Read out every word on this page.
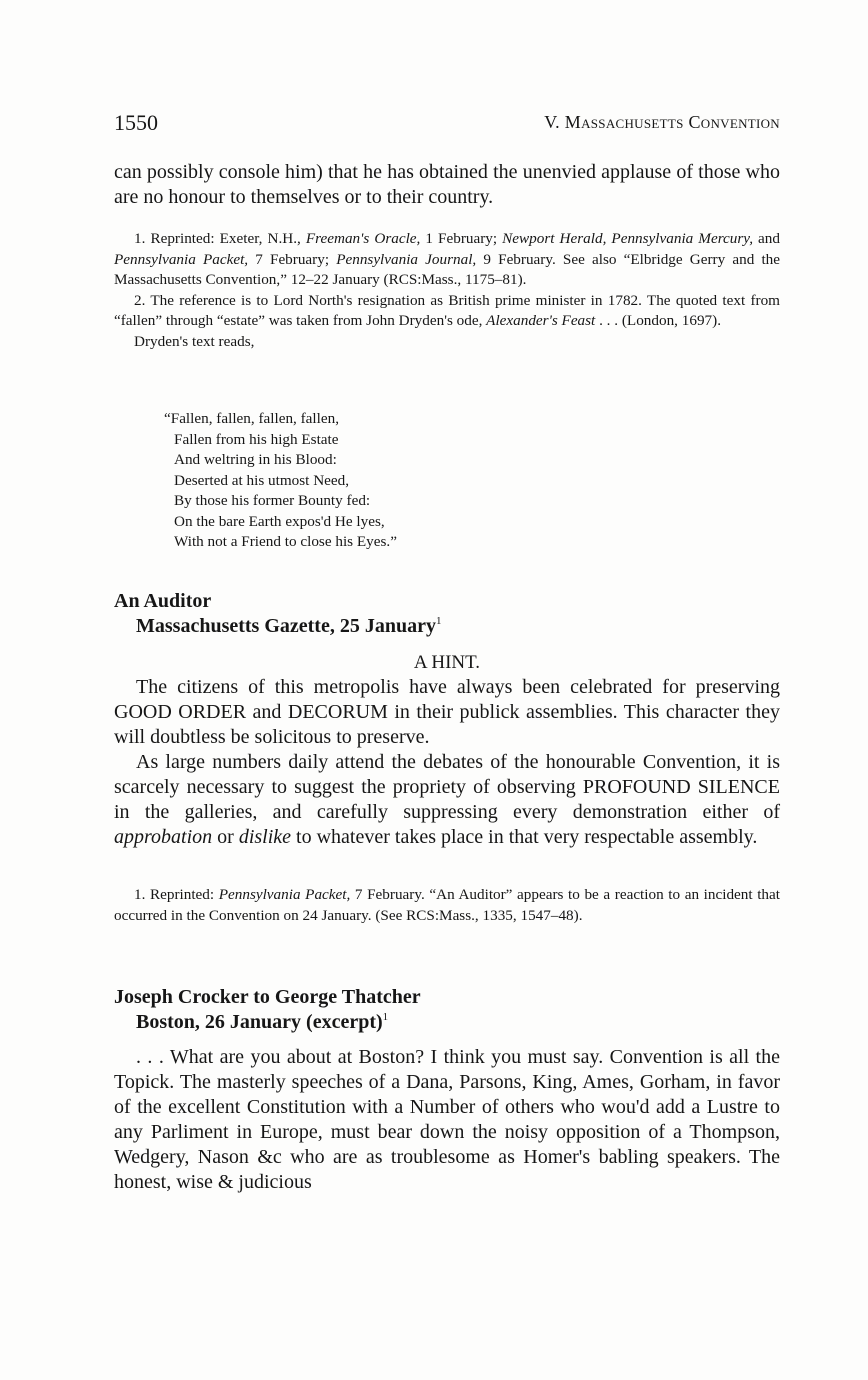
1550	V. Massachusetts Convention

can possibly console him) that he has obtained the unenvied applause of those who are no honour to themselves or to their country.

1. Reprinted: Exeter, N.H., Freeman's Oracle, 1 February; Newport Herald, Pennsylvania Mercury, and Pennsylvania Packet, 7 February; Pennsylvania Journal, 9 February. See also “Elbridge Gerry and the Massachusetts Convention,” 12–22 January (RCS:Mass., 1175–81).

2. The reference is to Lord North's resignation as British prime minister in 1782. The quoted text from “fallen” through “estate” was taken from John Dryden's ode, Alexander's Feast . . . (London, 1697).

Dryden's text reads,

“Fallen, fallen, fallen, fallen,
Fallen from his high Estate
And weltring in his Blood:
Deserted at his utmost Need,
By those his former Bounty fed:
On the bare Earth expos'd He lyes,
With not a Friend to close his Eyes.”
An Auditor
Massachusetts Gazette, 25 January$^1$
A HINT.

The citizens of this metropolis have always been celebrated for preserving GOOD ORDER and DECORUM in their publick assemblies. This character they will doubtless be solicitous to preserve.

As large numbers daily attend the debates of the honourable Convention, it is scarcely necessary to suggest the propriety of observing PROFOUND SILENCE in the galleries, and carefully suppressing every demonstration either of approbation or dislike to whatever takes place in that very respectable assembly.

1. Reprinted: Pennsylvania Packet, 7 February. “An Auditor” appears to be a reaction to an incident that occurred in the Convention on 24 January. (See RCS:Mass., 1335, 1547–48).

Joseph Crocker to George Thatcher
Boston, 26 January (excerpt)$^1$

. . . What are you about at Boston? I think you must say. Convention is all the Topick. The masterly speeches of a Dana, Parsons, King, Ames, Gorham, in favor of the excellent Constitution with a Number of others who wou'd add a Lustre to any Parliment in Europe, must bear down the noisy opposition of a Thompson, Wedgery, Nason &c who are as troublesome as Homer's babling speakers. The honest, wise & judicious
